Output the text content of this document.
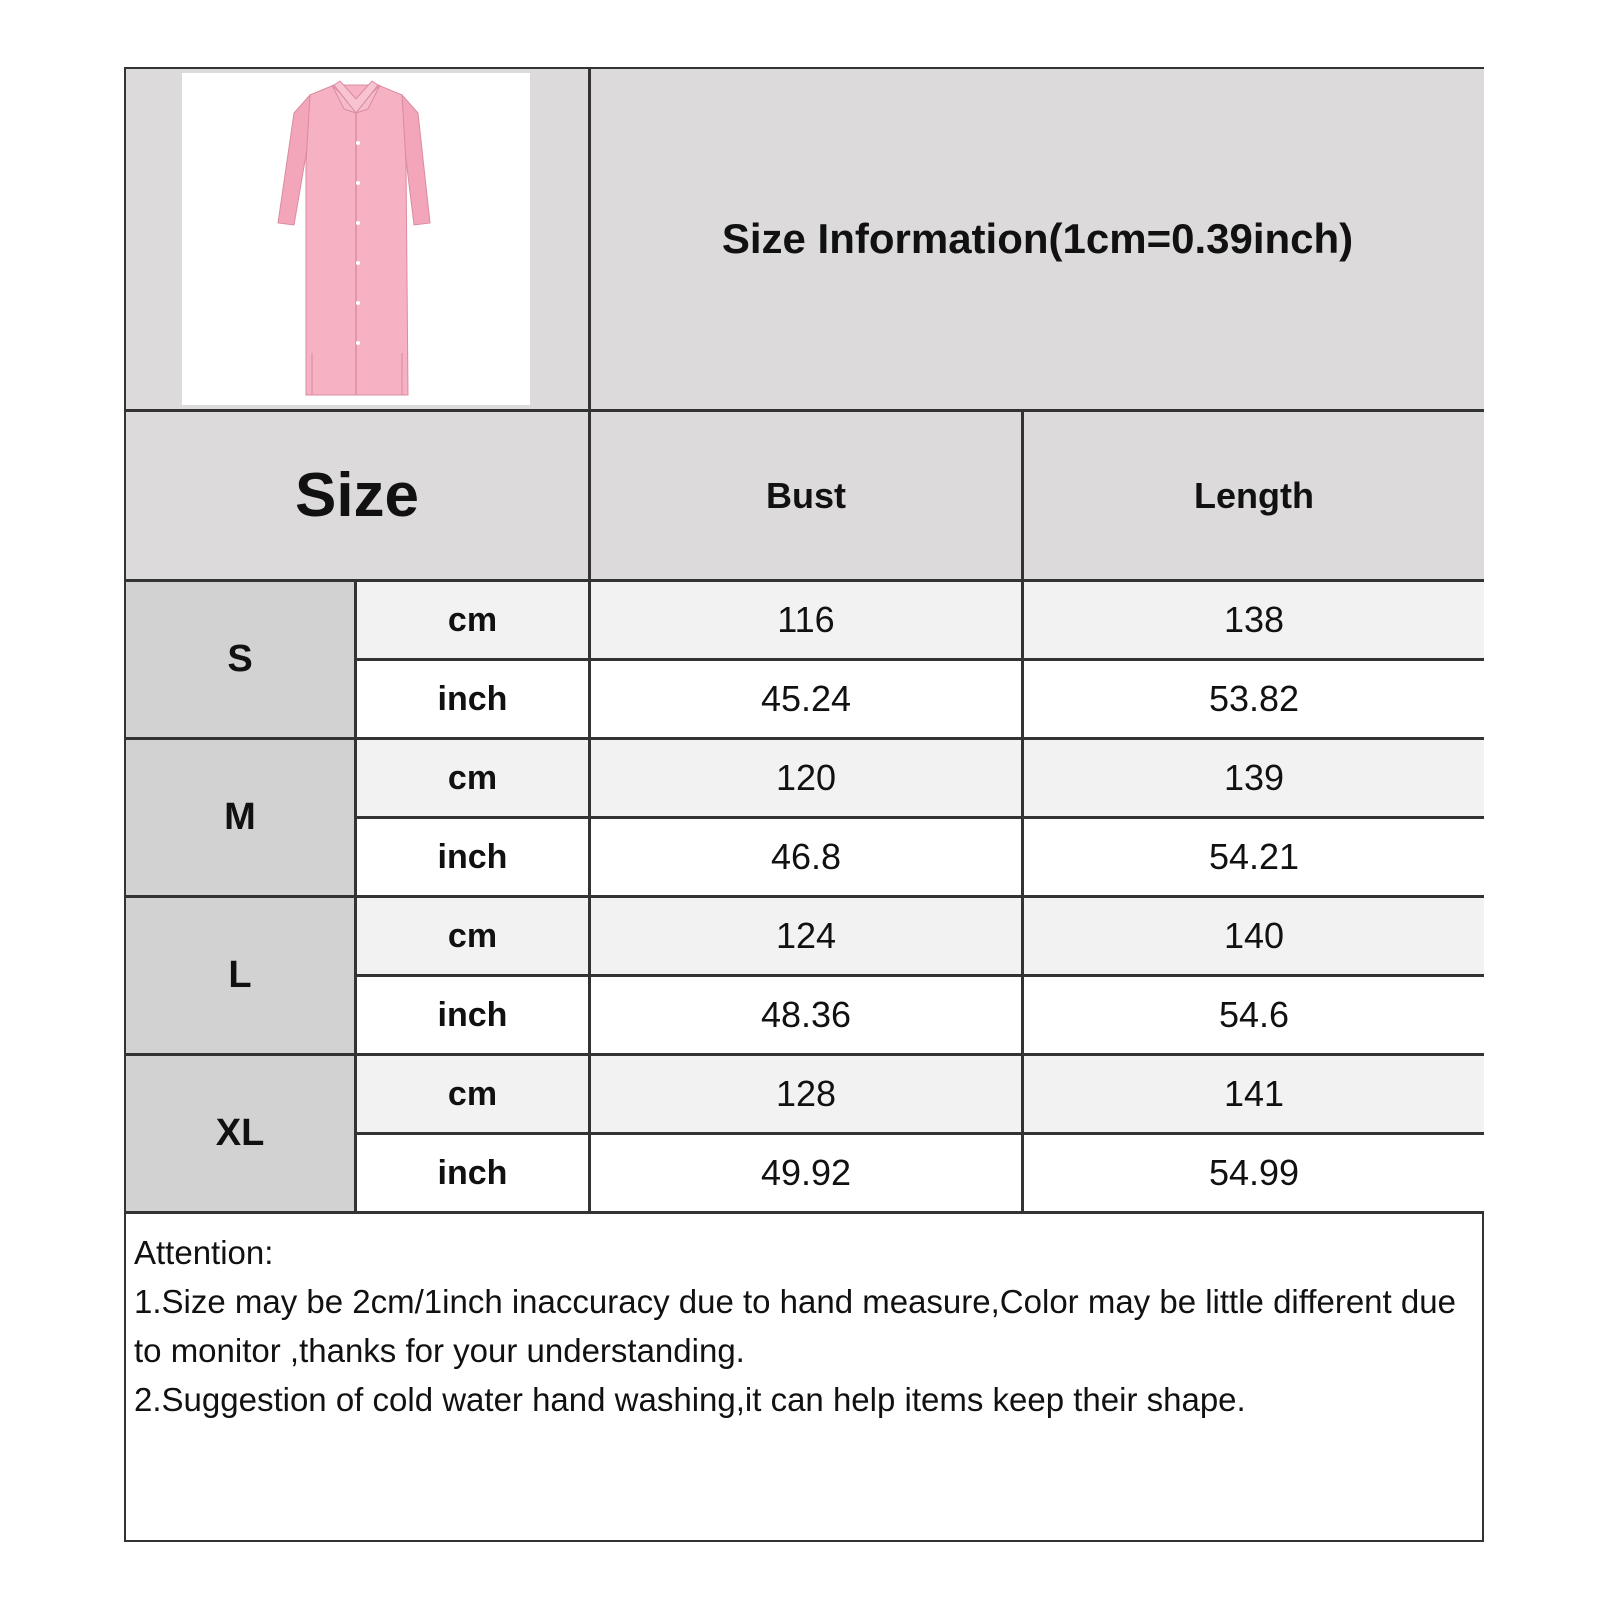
Size Information(1cm=0.39inch)
Size	Bust	Length
S
cm	116	138
inch	45.24	53.82
M
cm	120	139
inch	46.8	54.21
L
cm	124	140
inch	48.36	54.6
XL
cm	128	141
inch	49.92	54.99
Attention:
1.Size may be 2cm/1inch inaccuracy due to hand measure,Color may be little different due to monitor ,thanks for your understanding.
2.Suggestion of cold water hand washing,it can help items keep their shape.
